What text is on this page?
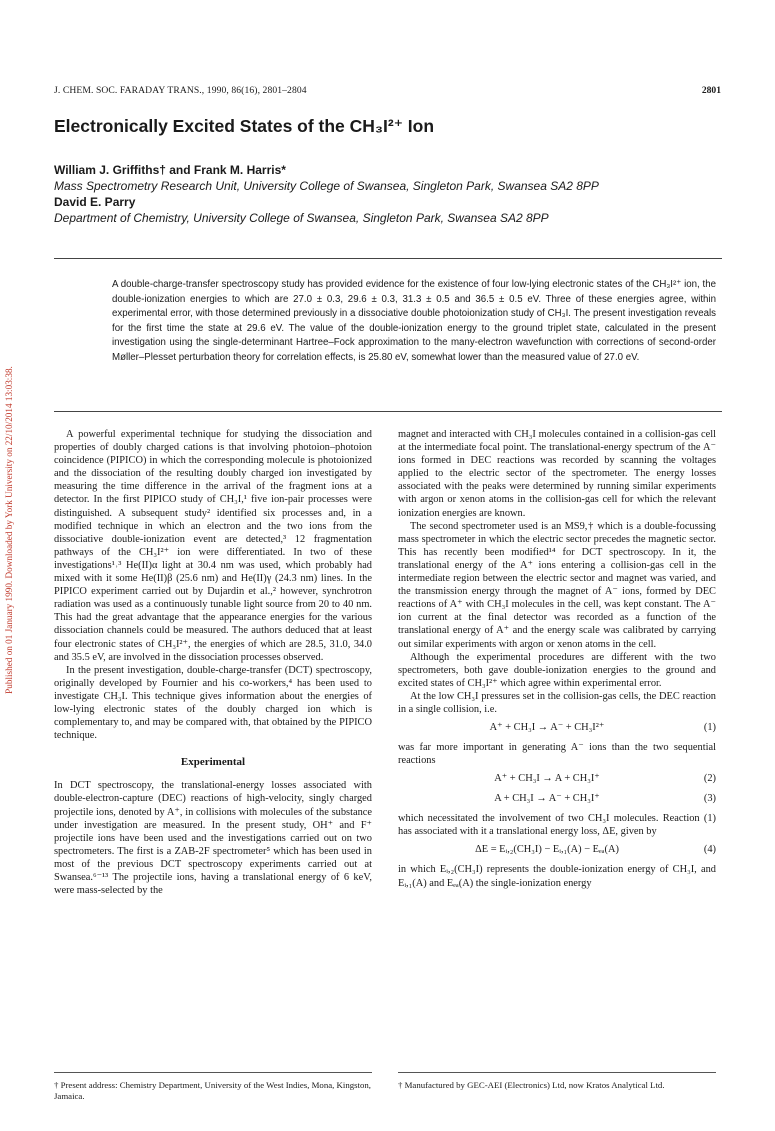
Published on 01 January 1990. Downloaded by York University on 22/10/2014 13:03:38.
J. CHEM. SOC. FARADAY TRANS., 1990, 86(16), 2801–2804	2801
Electronically Excited States of the CH₃I²⁺ Ion
William J. Griffiths† and Frank M. Harris*
Mass Spectrometry Research Unit, University College of Swansea, Singleton Park, Swansea SA2 8PP
David E. Parry
Department of Chemistry, University College of Swansea, Singleton Park, Swansea SA2 8PP
A double-charge-transfer spectroscopy study has provided evidence for the existence of four low-lying electronic states of the CH₃I²⁺ ion, the double-ionization energies to which are 27.0 ± 0.3, 29.6 ± 0.3, 31.3 ± 0.5 and 36.5 ± 0.5 eV. Three of these energies agree, within experimental error, with those determined previously in a dissociative double photoionization study of CH₃I. The present investigation reveals for the first time the state at 29.6 eV. The value of the double-ionization energy to the ground triplet state, calculated in the present investigation using the single-determinant Hartree–Fock approximation to the many-electron wavefunction with corrections of second-order Møller–Plesset perturbation theory for correlation effects, is 25.80 eV, somewhat lower than the measured value of 27.0 eV.

A powerful experimental technique for studying the dissociation and properties of doubly charged cations is that involving photoion–photoion coincidence (PIPICO) in which the corresponding molecule is photoionized and the dissociation of the resulting doubly charged ion investigated by measuring the time difference in the arrival of the fragment ions at a detector. In the first PIPICO study of CH₃I,¹ five ion-pair processes were distinguished. A subsequent study² identified six processes and, in a modified technique in which an electron and the two ions from the dissociative double-ionization event are detected,³ 12 fragmentation pathways of the CH₃I²⁺ ion were differentiated. In two of these investigations¹˒³ He(II)α light at 30.4 nm was used, which probably had mixed with it some He(II)β (25.6 nm) and He(II)γ (24.3 nm) lines. In the PIPICO experiment carried out by Dujardin et al.,² however, synchrotron radiation was used as a continuously tunable light source from 20 to 40 nm. This had the great advantage that the appearance energies for the various dissociation channels could be measured. The authors deduced that at least four electronic states of CH₃I²⁺, the energies of which are 28.5, 31.0, 34.0 and 35.5 eV, are involved in the dissociation processes observed.

In the present investigation, double-charge-transfer (DCT) spectroscopy, originally developed by Fournier and his co-workers,⁴ has been used to investigate CH₃I. This technique gives information about the energies of low-lying electronic states of the doubly charged ion which is complementary to, and may be compared with, that obtained by the PIPICO technique.

Experimental

In DCT spectroscopy, the translational-energy losses associated with double-electron-capture (DEC) reactions of high-velocity, singly charged projectile ions, denoted by A⁺, in collisions with molecules of the substance under investigation are measured. In the present study, OH⁺ and F⁺ projectile ions have been used and the investigations carried out on two spectrometers. The first is a ZAB-2F spectrometer⁵ which has been used in most of the previous DCT spectroscopy experiments carried out at Swansea.⁶⁻¹³ The projectile ions, having a translational energy of 6 keV, were mass-selected by the

magnet and interacted with CH₃I molecules contained in a collision-gas cell at the intermediate focal point. The translational-energy spectrum of the A⁻ ions formed in DEC reactions was recorded by scanning the voltages applied to the electric sector of the spectrometer. The energy losses associated with the peaks were determined by running similar experiments with argon or xenon atoms in the collision-gas cell for which the relevant ionization energies are known.

The second spectrometer used is an MS9,† which is a double-focussing mass spectrometer in which the electric sector precedes the magnetic sector. This has recently been modified¹⁴ for DCT spectroscopy. In it, the translational energy of the A⁺ ions entering a collision-gas cell in the intermediate region between the electric sector and magnet was varied, and the transmission energy through the magnet of A⁻ ions, formed by DEC reactions of A⁺ with CH₃I molecules in the cell, was kept constant. The A⁻ ion current at the final detector was recorded as a function of the translational energy of A⁺ and the energy scale was calibrated by carrying out similar experiments with argon or xenon atoms in the cell.

Although the experimental procedures are different with the two spectrometers, both gave double-ionization energies to the ground and excited states of CH₃I²⁺ which agree within experimental error.

At the low CH₃I pressures set in the collision-gas cells, the DEC reaction in a single collision, i.e.

A⁺ + CH₃I → A⁻ + CH₃I²⁺	(1)

was far more important in generating A⁻ ions than the two sequential reactions

A⁺ + CH₃I → A + CH₃I⁺	(2)
A + CH₃I → A⁻ + CH₃I⁺	(3)

which necessitated the involvement of two CH₃I molecules. Reaction (1) has associated with it a translational energy loss, ΔE, given by

ΔE = Eᵢ,₂(CH₃I) − Eᵢ,₁(A) − Eₑₐ(A)	(4)

in which Eᵢ,₂(CH₃I) represents the double-ionization energy of CH₃I, and Eᵢ,₁(A) and Eₑₐ(A) the single-ionization energy

† Present address: Chemistry Department, University of the West Indies, Mona, Kingston, Jamaica.
† Manufactured by GEC-AEI (Electronics) Ltd, now Kratos Analytical Ltd.
